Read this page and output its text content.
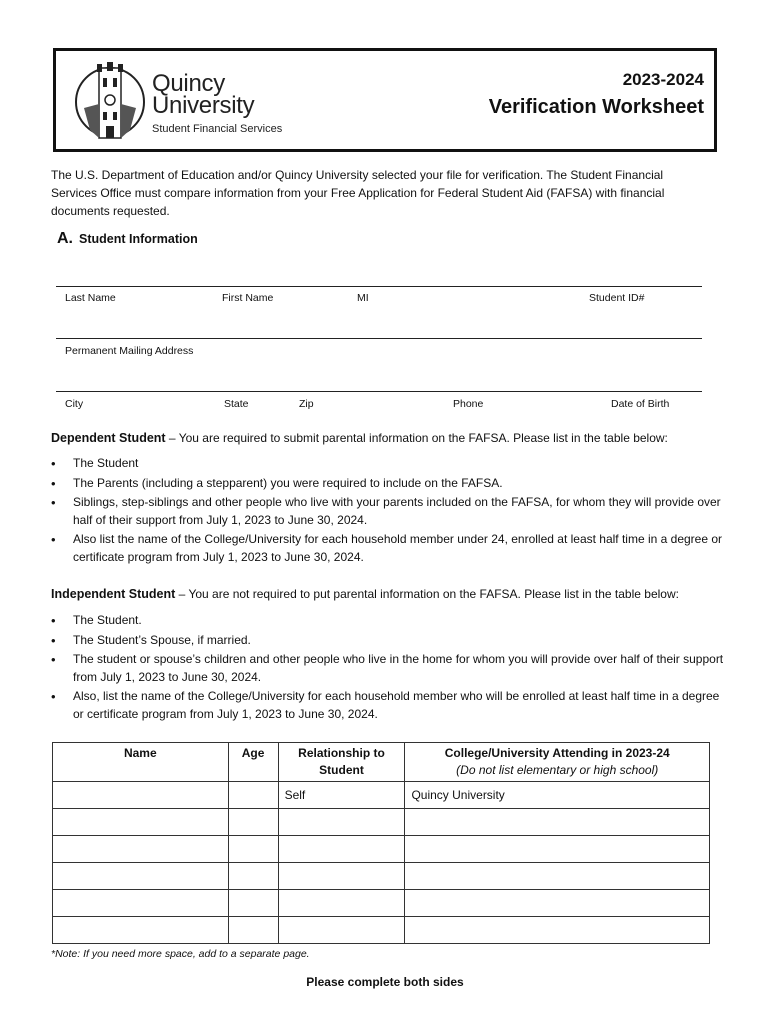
Quincy
University
Student Financial Services
2023-2024
Verification Worksheet
The U.S. Department of Education and/or Quincy University selected your file for verification. The Student Financial Services Office must compare information from your Free Application for Federal Student Aid (FAFSA) with financial documents requested.
A. Student Information
Last Name	First Name	MI	Student ID#
Permanent Mailing Address
City	State	Zip	Phone	Date of Birth
Dependent Student – You are required to submit parental information on the FAFSA. Please list in the table below:
• The Student
• The Parents (including a stepparent) you were required to include on the FAFSA.
• Siblings, step-siblings and other people who live with your parents included on the FAFSA, for whom they will provide over half of their support from July 1, 2023 to June 30, 2024.
• Also list the name of the College/University for each household member under 24, enrolled at least half time in a degree or certificate program from July 1, 2023 to June 30, 2024.
Independent Student – You are not required to put parental information on the FAFSA. Please list in the table below:
• The Student.
• The Student’s Spouse, if married.
• The student or spouse’s children and other people who live in the home for whom you will provide over half of their support from July 1, 2023 to June 30, 2024.
• Also, list the name of the College/University for each household member who will be enrolled at least half time in a degree or certificate program from July 1, 2023 to June 30, 2024.
Name	Age	Relationship to Student	College/University Attending in 2023-24
(Do not list elementary or high school)
		Self	Quincy University

*Note: If you need more space, add to a separate page.
Please complete both sides
